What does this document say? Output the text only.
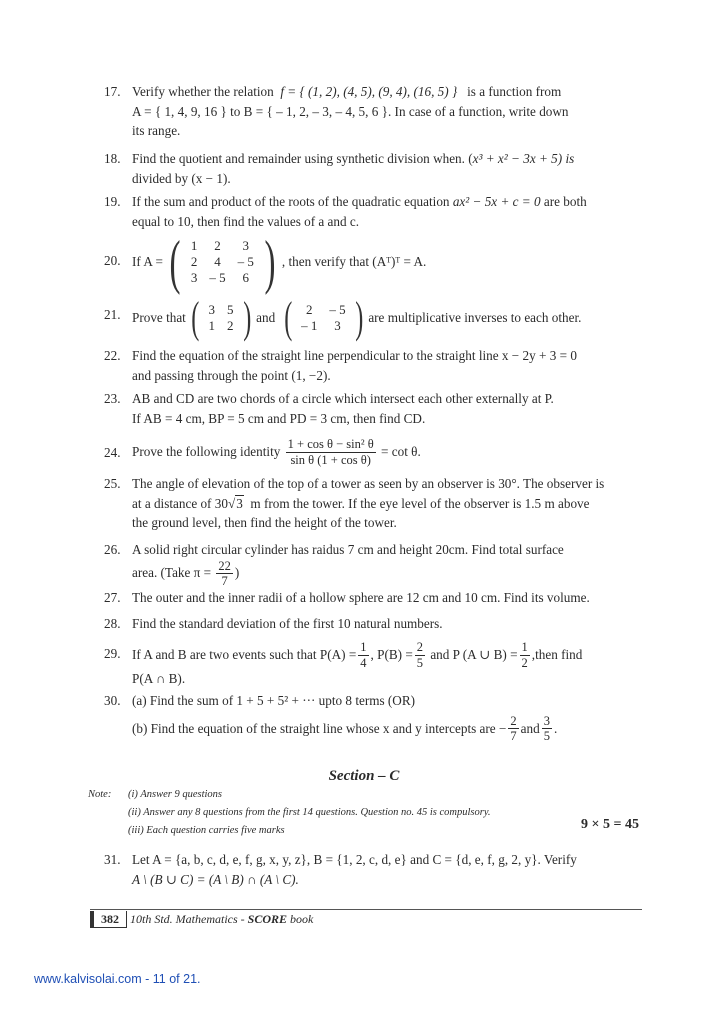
17. Verify whether the relation f = { (1, 2), (4, 5), (9, 4), (16, 5) } is a function from

A = { 1, 4, 9, 16 } to B = { – 1, 2, – 3, – 4, 5, 6 }. In case of a function, write down

its range.

18. Find the quotient and remainder using synthetic division when. (x³ + x² − 3x + 5) is

divided by (x − 1).

19. If the sum and product of the roots of the quadratic equation ax² − 5x + c = 0 are both

equal to 10, then find the values of a and c.

20. If A = ( 1	2	3
2	4	– 5
3	– 5	6 ) , then verify that (Aᵀ)ᵀ = A.
21. Prove that ( 3	5
1	2 ) and
( 2	– 5
– 1	3 ) are multiplicative inverses to each other.
22. Find the equation of the straight line perpendicular to the straight line x − 2y + 3 = 0

and passing through the point (1, −2).

23. AB and CD are two chords of a circle which intersect each other externally at P.

If AB = 4 cm, BP = 5 cm and PD = 3 cm, then find CD.

24. Prove the following identity
$\frac{\text{1 + cos θ − sin² θ}}{\text{sin θ (1 + cos θ)}}$
= cot θ.
25. The angle of elevation of the top of a tower as seen by an observer is 30°. The observer is

at a distance of 30√3 m from the tower. If the eye level of the observer is 1.5 m above

the ground level, then find the height of the tower.

26. A solid right circular cylinder has raidus 7 cm and height 20cm. Find total surface

area. (Take $\pi = \frac{22}{7}$ )

27. The outer and the inner radii of a hollow sphere are 12 cm and 10 cm. Find its volume.

28. Find the standard deviation of the first 10 natural numbers.

29. If A and B are two events such that $P(A) = \frac{1}{4}$ , $P(B) = \frac{2}{5}$
and P (A ∪ $B) = \frac{1}{2}$ ,then find

P(A ∩ B).

30. (a) Find the sum of 1 + 5 + 5² + ··· upto 8 terms (OR)

(b) Find the equation of the straight line whose x and y intercepts are − $\frac{2}{7}$ and $\frac{3}{5}$ .

Section – C
Note: (i) Answer 9 questions
(ii) Answer any 8 questions from the first 14 questions. Question no. 45 is compulsory.
(iii) Each question carries five marks	9 × 5 = 45
31. Let A = {a, b, c, d, e, f, g, x, y, z}, B = {1, 2, c, d, e} and C = {d, e, f, g, 2, y}. Verify

A \ (B ∪ C) = (A \ B) ∩ (A \ C).

382 10th Std. Mathematics - SCORE book
www.kalvisolai.com - 11 of 21.
